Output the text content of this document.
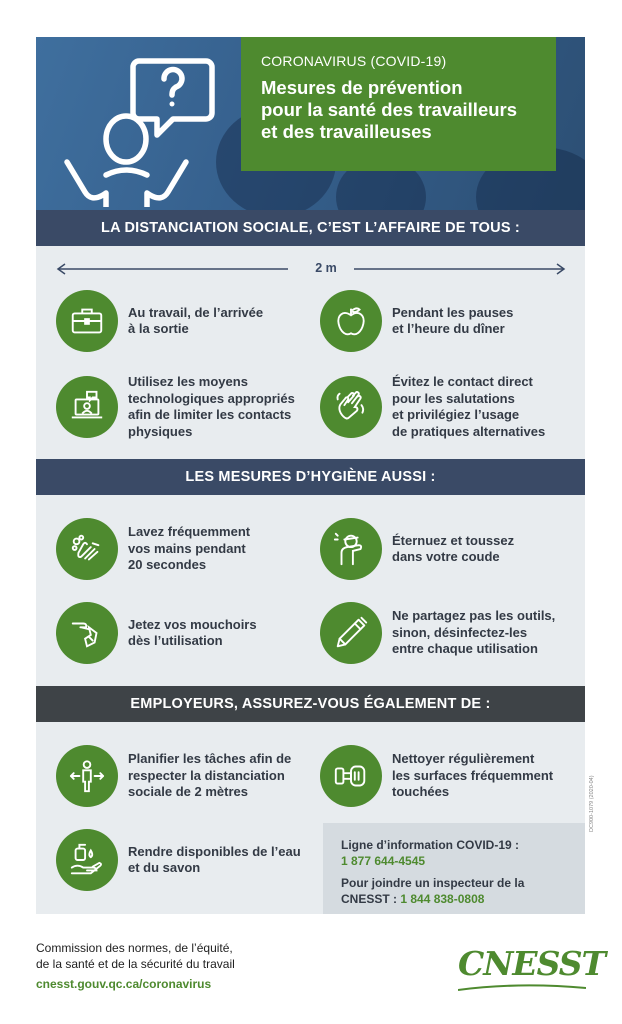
CORONAVIRUS (COVID-19)
Mesures de prévention
pour la santé des travailleurs
et des travailleuses
LA DISTANCIATION SOCIALE, C’EST L’AFFAIRE DE TOUS :
2 m
Au travail, de l’arrivée
à la sortie
Pendant les pauses
et l’heure du dîner
Utilisez les moyens
technologiques appropriés
afin de limiter les contacts
physiques
Évitez le contact direct
pour les salutations
et privilégiez l’usage
de pratiques alternatives
LES MESURES D’HYGIÈNE AUSSI :
Lavez fréquemment
vos mains pendant
20 secondes
Éternuez et toussez
dans votre coude
Jetez vos mouchoirs
dès l’utilisation
Ne partagez pas les outils,
sinon, désinfectez-les
entre chaque utilisation
EMPLOYEURS, ASSUREZ-VOUS ÉGALEMENT DE :
Planifier les tâches afin de
respecter la distanciation
sociale de 2 mètres
Nettoyer régulièrement
les surfaces fréquemment
touchées
Rendre disponibles de l’eau
et du savon
Ligne d’information COVID-19 :
1 877 644-4545
Pour joindre un inspecteur de la
CNESST : 1 844 838-0808
DC900-1079 (2020-04)
Commission des normes, de l’équité,
de la santé et de la sécurité du travail
cnesst.gouv.qc.ca/coronavirus
CNESST
